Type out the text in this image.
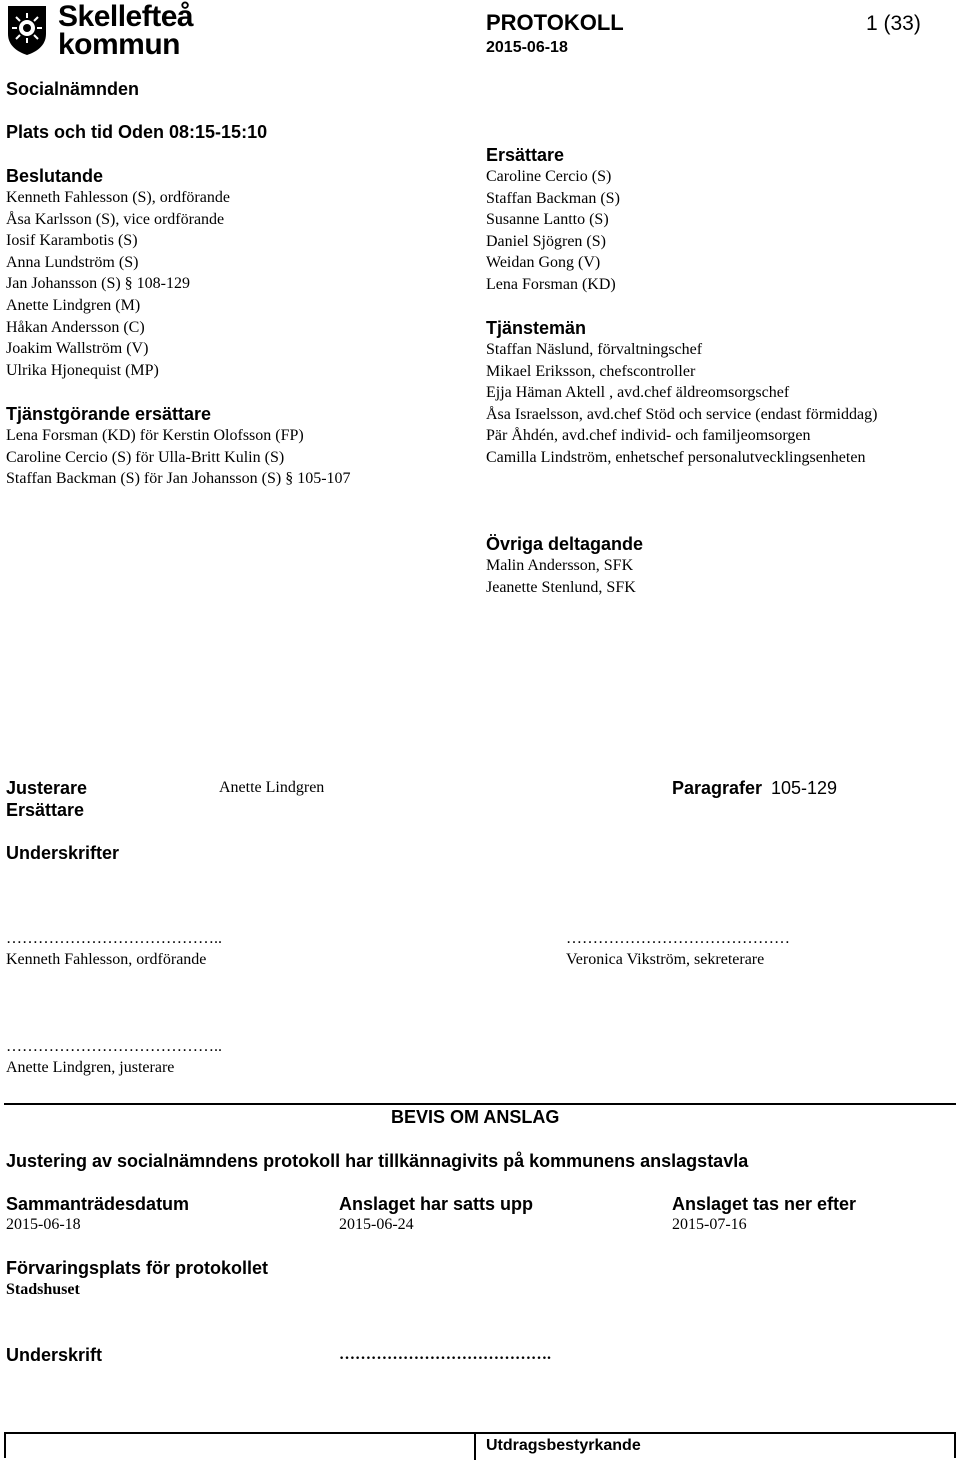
Skellefteå
kommun
PROTOKOLL
2015-06-18
1 (33)
Socialnämnden
Plats och tid Oden 08:15-15:10
Beslutande
Kenneth Fahlesson (S), ordförande
Åsa Karlsson (S), vice ordförande
Iosif Karambotis (S)
Anna Lundström (S)
Jan Johansson (S) § 108-129
Anette Lindgren (M)
Håkan Andersson (C)
Joakim Wallström (V)
Ulrika Hjonequist (MP)
Tjänstgörande ersättare
Lena Forsman (KD) för Kerstin Olofsson (FP)
Caroline Cercio (S) för Ulla-Britt Kulin (S)
Staffan Backman (S) för Jan Johansson (S) § 105-107
Ersättare
Caroline Cercio (S)
Staffan Backman (S)
Susanne Lantto (S)
Daniel Sjögren (S)
Weidan Gong (V)
Lena Forsman (KD)
Tjänstemän
Staffan Näslund, förvaltningschef
Mikael Eriksson, chefscontroller
Ejja Häman Aktell , avd.chef äldreomsorgschef
Åsa Israelsson, avd.chef Stöd och service (endast förmiddag)
Pär Åhdén, avd.chef individ- och familjeomsorgen
Camilla Lindström, enhetschef personalutvecklingsenheten
Övriga deltagande
Malin Andersson, SFK
Jeanette Stenlund, SFK
Justerare	Anette Lindgren	Paragrafer 105-129
Ersättare
Underskrifter
…………………………………..
Kenneth Fahlesson, ordförande
……………………………………
Veronica Vikström, sekreterare
…………………………………..
Anette Lindgren, justerare
BEVIS OM ANSLAG
Justering av socialnämndens protokoll har tillkännagivits på kommunens anslagstavla
Sammanträdesdatum
2015-06-18
Anslaget har satts upp
2015-06-24
Anslaget tas ner efter
2015-07-16
Förvaringsplats för protokollet
Stadshuset
Underskrift	………………………………….
Utdragsbestyrkande
